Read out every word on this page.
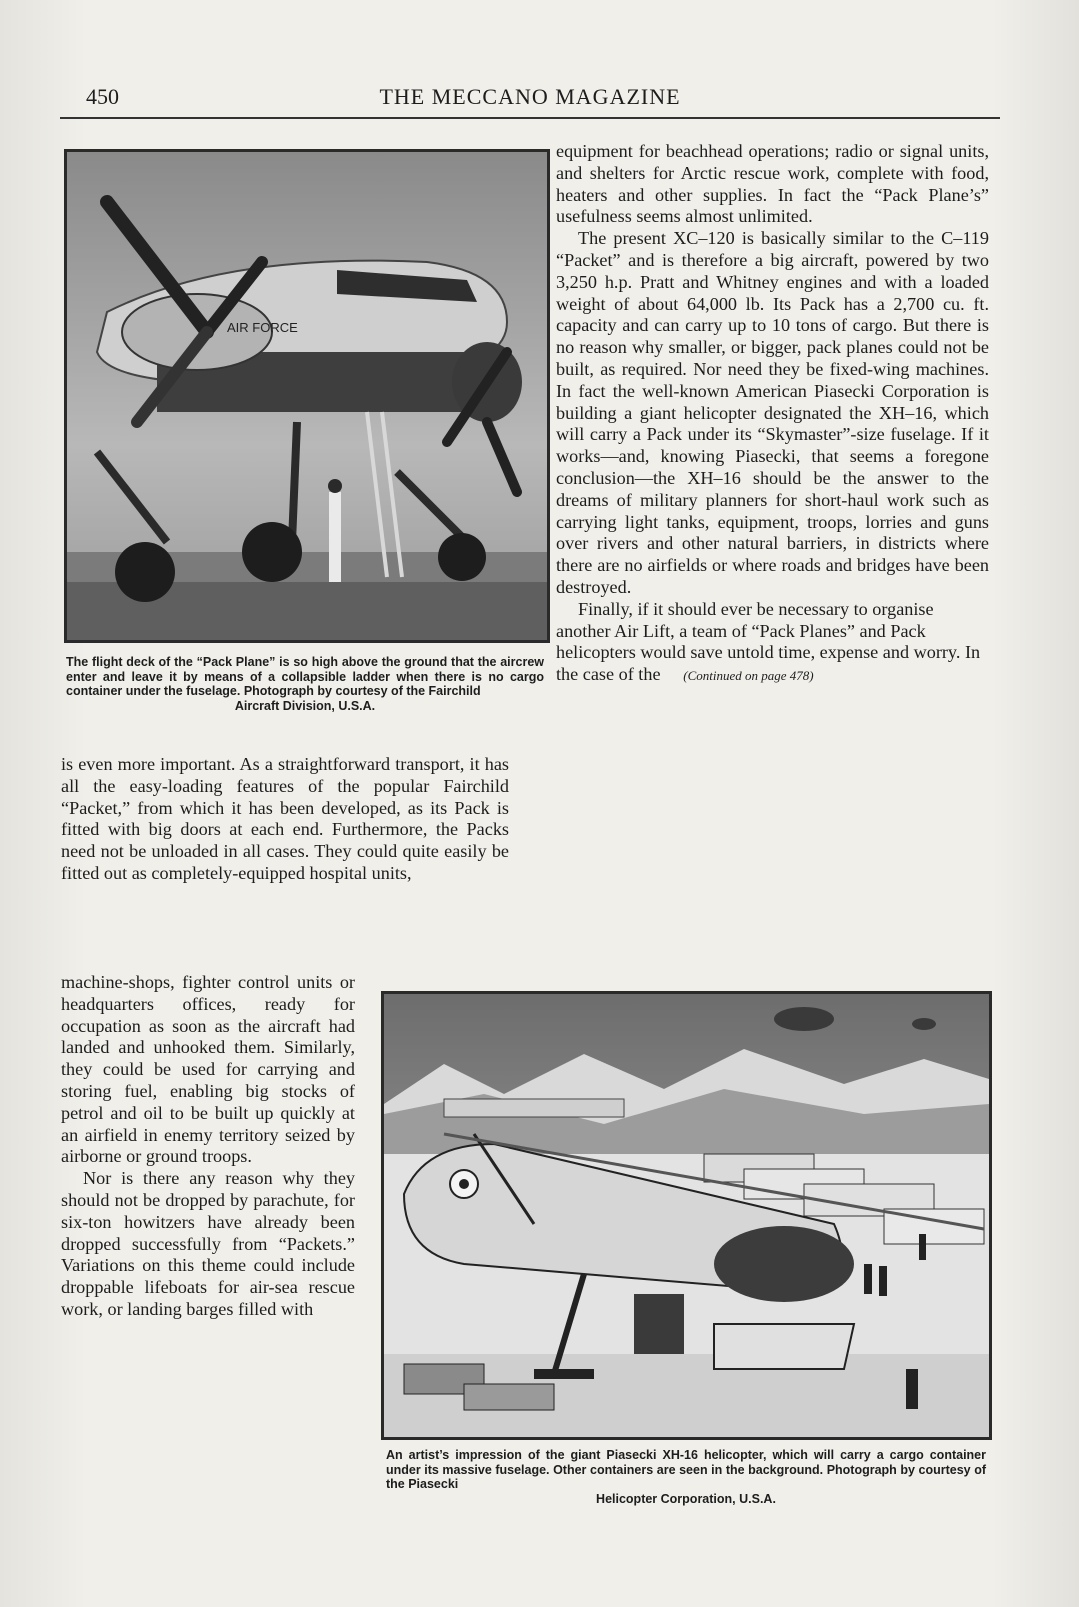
450	THE MECCANO MAGAZINE
AIR FORCE
The flight deck of the “Pack Plane” is so high above the ground that the aircrew enter and leave it by means of a collapsible ladder when there is no cargo container under the fuselage. Photograph by courtesy of the Fairchild
Aircraft Division, U.S.A.

equipment for beachhead operations; radio or signal units, and shelters for Arctic rescue work, complete with food, heaters and other supplies. In fact the “Pack Plane’s” usefulness seems almost unlimited.

The present XC–120 is basically similar to the C–119 “Packet” and is therefore a big aircraft, powered by two 3,250 h.p. Pratt and Whitney engines and with a loaded weight of about 64,000 lb. Its Pack has a 2,700 cu. ft. capacity and can carry up to 10 tons of cargo. But there is no reason why smaller, or bigger, pack planes could not be built, as required. Nor need they be fixed-wing machines. In fact the well-known American Piasecki Corporation is building a giant helicopter designated the XH–16, which will carry a Pack under its “Skymaster”-size fuselage. If it works—and, knowing Piasecki, that seems a foregone conclusion—the XH–16 should be the answer to the dreams of military planners for short-haul work such as carrying light tanks, equipment, troops, lorries and guns over rivers and other natural barriers, in districts where there are no airfields or where roads and bridges have been destroyed.

Finally, if it should ever be necessary to organise another Air Lift, a team of “Pack Planes” and Pack helicopters would save untold time, expense and worry. In the case of the (Continued on page 478)

is even more important. As a straightforward transport, it has all the easy-loading features of the popular Fairchild “Packet,” from which it has been developed, as its Pack is fitted with big doors at each end. Furthermore, the Packs need not be unloaded in all cases. They could quite easily be fitted out as completely-equipped hospital units,

machine-shops, fighter control units or headquarters offices, ready for occupation as soon as the aircraft had landed and unhooked them. Similarly, they could be used for carrying and storing fuel, enabling big stocks of petrol and oil to be built up quickly at an airfield in enemy territory seized by airborne or ground troops.

Nor is there any reason why they should not be dropped by parachute, for six-ton howitzers have already been dropped successfully from “Packets.” Variations on this theme could include droppable lifeboats for air-sea rescue work, or landing barges filled with

An artist’s impression of the giant Piasecki XH-16 helicopter, which will carry a cargo container under its massive fuselage. Other containers are seen in the background. Photograph by courtesy of the Piasecki
Helicopter Corporation, U.S.A.
